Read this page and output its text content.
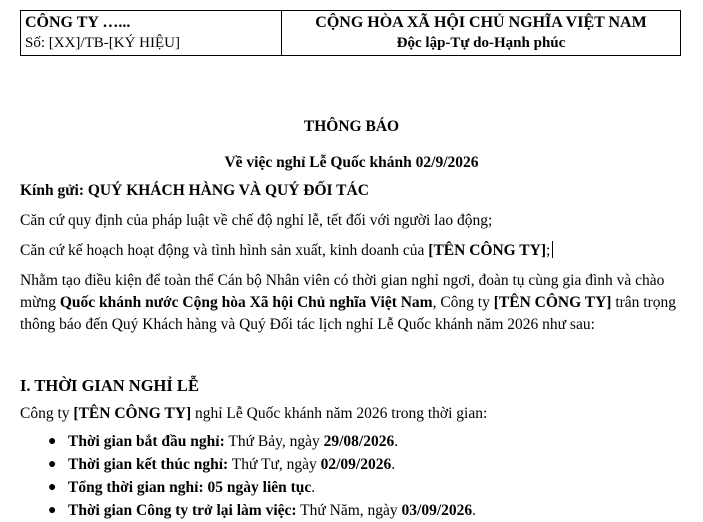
CÔNG TY …...
Số: [XX]/TB-[KÝ HIỆU]

CỘNG HÒA XÃ HỘI CHỦ NGHĨA VIỆT NAM
Độc lập-Tự do-Hạnh phúc
THÔNG BÁO
Về việc nghỉ Lễ Quốc khánh 02/9/2026
Kính gửi: QUÝ KHÁCH HÀNG VÀ QUÝ ĐỐI TÁC
Căn cứ quy định của pháp luật về chế độ nghỉ lễ, tết đối với người lao động;
Căn cứ kế hoạch hoạt động và tình hình sản xuất, kinh doanh của [TÊN CÔNG TY];
Nhằm tạo điều kiện để toàn thể Cán bộ Nhân viên có thời gian nghỉ ngơi, đoàn tụ cùng gia đình và chào mừng Quốc khánh nước Cộng hòa Xã hội Chủ nghĩa Việt Nam, Công ty [TÊN CÔNG TY] trân trọng thông báo đến Quý Khách hàng và Quý Đối tác lịch nghỉ Lễ Quốc khánh năm 2026 như sau:
I. THỜI GIAN NGHỈ LỄ
Công ty [TÊN CÔNG TY] nghỉ Lễ Quốc khánh năm 2026 trong thời gian:
● Thời gian bắt đầu nghỉ: Thứ Bảy, ngày 29/08/2026.
● Thời gian kết thúc nghỉ: Thứ Tư, ngày 02/09/2026.
● Tổng thời gian nghỉ: 05 ngày liên tục.
● Thời gian Công ty trở lại làm việc: Thứ Năm, ngày 03/09/2026.
